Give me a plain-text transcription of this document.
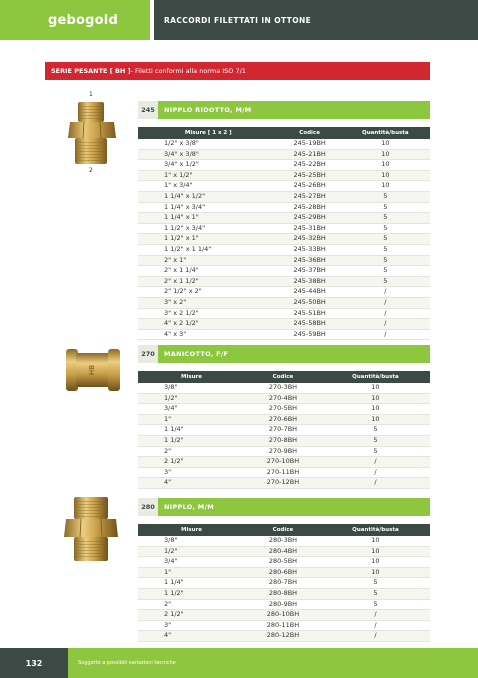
gebogold	RACCORDI FILETTATI IN OTTONE
SERIE PESANTE [ BH ] - Filetti conformi alla norma ISO 7/1
1
2
245	NIPPLO RIDOTTO, M/M
Misure [ 1 x 2 ]	Codice	Quantità/busta
1/2" x 3/8"	245-19BH	10
3/4" x 3/8"	245-21BH	10
3/4" x 1/2"	245-22BH	10
1" x 1/2"	245-25BH	10
1" x 3/4"	245-26BH	10
1 1/4" x 1/2"	245-27BH	5
1 1/4" x 3/4"	245-28BH	5
1 1/4" x 1"	245-29BH	5
1 1/2" x 3/4"	245-31BH	5
1 1/2" x 1"	245-32BH	5
1 1/2" x 1 1/4"	245-33BH	5
2" x 1"	245-36BH	5
2" x 1 1/4"	245-37BH	5
2" x 1 1/2"	245-38BH	5
2" 1/2" x 2"	245-44BH	/
3" x 2"	245-50BH	/
3" x 2 1/2"	245-51BH	/
4" x 2 1/2"	245-58BH	/
4" x 3"	245-59BH	/
BH
270	MANICOTTO, F/F
Misure	Codice	Quantità/busta
3/8"	270-3BH	10
1/2"	270-4BH	10
3/4"	270-5BH	10
1"	270-6BH	10
1 1/4"	270-7BH	5
1 1/2"	270-8BH	5
2"	270-9BH	5
2 1/2"	270-10BH	/
3"	270-11BH	/
4"	270-12BH	/
280	NIPPLO, M/M
Misure	Codice	Quantità/busta
3/8"	280-3BH	10
1/2"	280-4BH	10
3/4"	280-5BH	10
1"	280-6BH	10
1 1/4"	280-7BH	5
1 1/2"	280-8BH	5
2"	280-9BH	5
2 1/2"	280-10BH	/
3"	280-11BH	/
4"	280-12BH	/
132	Soggetto a possibili variazioni tecniche
